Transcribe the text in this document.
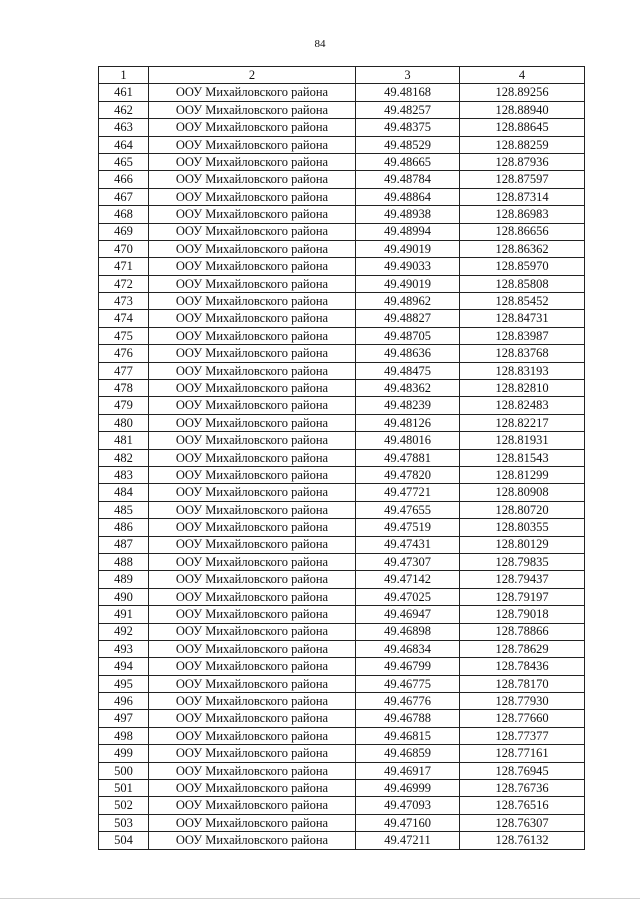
84
1	2	3	4
461	ООУ Михайловского района	49.48168	128.89256
462	ООУ Михайловского района	49.48257	128.88940
463	ООУ Михайловского района	49.48375	128.88645
464	ООУ Михайловского района	49.48529	128.88259
465	ООУ Михайловского района	49.48665	128.87936
466	ООУ Михайловского района	49.48784	128.87597
467	ООУ Михайловского района	49.48864	128.87314
468	ООУ Михайловского района	49.48938	128.86983
469	ООУ Михайловского района	49.48994	128.86656
470	ООУ Михайловского района	49.49019	128.86362
471	ООУ Михайловского района	49.49033	128.85970
472	ООУ Михайловского района	49.49019	128.85808
473	ООУ Михайловского района	49.48962	128.85452
474	ООУ Михайловского района	49.48827	128.84731
475	ООУ Михайловского района	49.48705	128.83987
476	ООУ Михайловского района	49.48636	128.83768
477	ООУ Михайловского района	49.48475	128.83193
478	ООУ Михайловского района	49.48362	128.82810
479	ООУ Михайловского района	49.48239	128.82483
480	ООУ Михайловского района	49.48126	128.82217
481	ООУ Михайловского района	49.48016	128.81931
482	ООУ Михайловского района	49.47881	128.81543
483	ООУ Михайловского района	49.47820	128.81299
484	ООУ Михайловского района	49.47721	128.80908
485	ООУ Михайловского района	49.47655	128.80720
486	ООУ Михайловского района	49.47519	128.80355
487	ООУ Михайловского района	49.47431	128.80129
488	ООУ Михайловского района	49.47307	128.79835
489	ООУ Михайловского района	49.47142	128.79437
490	ООУ Михайловского района	49.47025	128.79197
491	ООУ Михайловского района	49.46947	128.79018
492	ООУ Михайловского района	49.46898	128.78866
493	ООУ Михайловского района	49.46834	128.78629
494	ООУ Михайловского района	49.46799	128.78436
495	ООУ Михайловского района	49.46775	128.78170
496	ООУ Михайловского района	49.46776	128.77930
497	ООУ Михайловского района	49.46788	128.77660
498	ООУ Михайловского района	49.46815	128.77377
499	ООУ Михайловского района	49.46859	128.77161
500	ООУ Михайловского района	49.46917	128.76945
501	ООУ Михайловского района	49.46999	128.76736
502	ООУ Михайловского района	49.47093	128.76516
503	ООУ Михайловского района	49.47160	128.76307
504	ООУ Михайловского района	49.47211	128.76132
